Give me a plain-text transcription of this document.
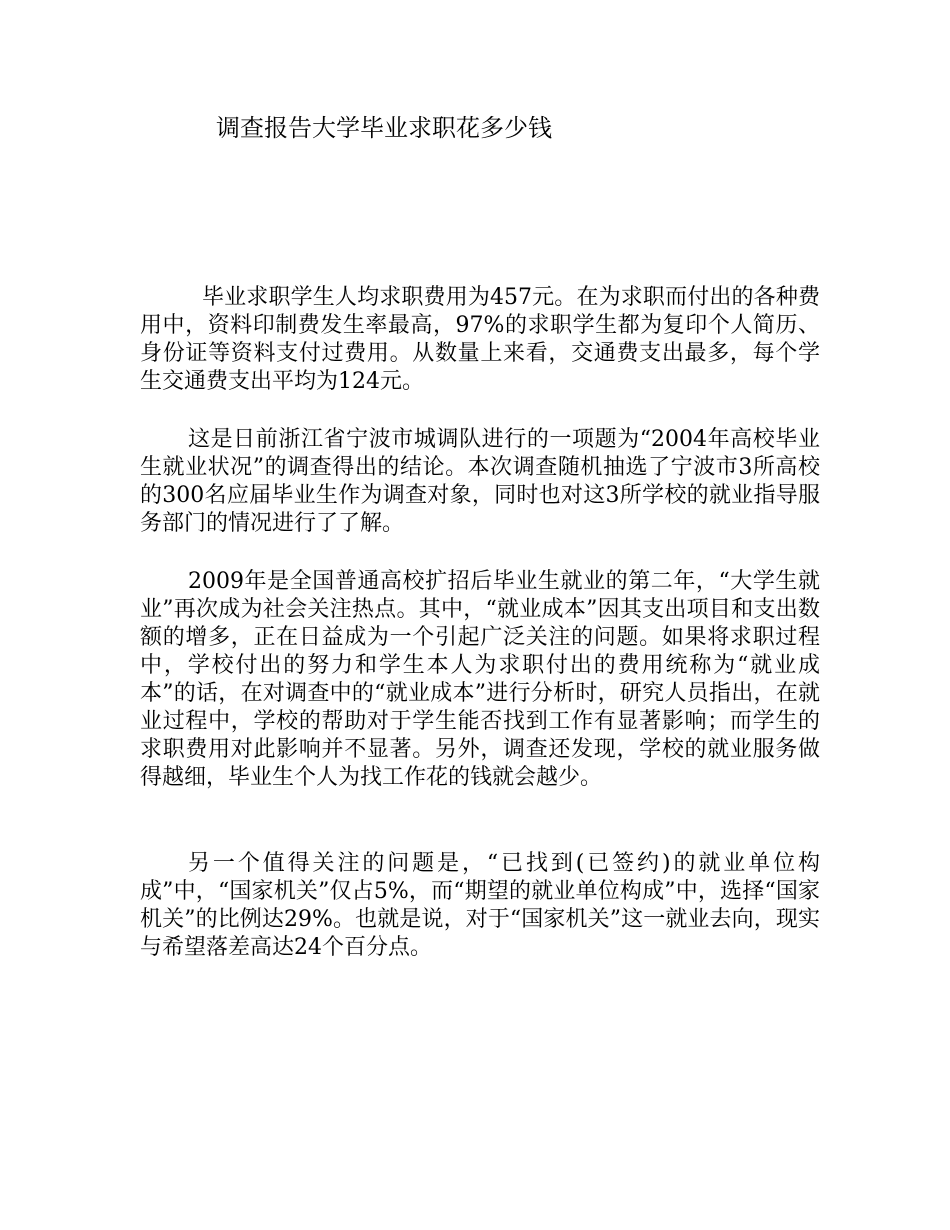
调查报告大学毕业求职花多少钱

毕业求职学生人均求职费用为457元。在为求职而付出的各种费用中，资料印制费发生率最高，97%的求职学生都为复印个人简历、身份证等资料支付过费用。从数量上来看，交通费支出最多，每个学生交通费支出平均为124元。

这是日前浙江省宁波市城调队进行的一项题为“2004年高校毕业生就业状况”的调查得出的结论。本次调查随机抽选了宁波市3所高校的300名应届毕业生作为调查对象，同时也对这3所学校的就业指导服务部门的情况进行了了解。

2009年是全国普通高校扩招后毕业生就业的第二年，“大学生就业”再次成为社会关注热点。其中，“就业成本”因其支出项目和支出数额的增多，正在日益成为一个引起广泛关注的问题。如果将求职过程中，学校付出的努力和学生本人为求职付出的费用统称为“就业成本”的话，在对调查中的“就业成本”进行分析时，研究人员指出，在就业过程中，学校的帮助对于学生能否找到工作有显著影响；而学生的求职费用对此影响并不显著。另外，调查还发现，学校的就业服务做得越细，毕业生个人为找工作花的钱就会越少。

另一个值得关注的问题是，“已找到(已签约)的就业单位构成”中，“国家机关”仅占5%，而“期望的就业单位构成”中，选择“国家机关”的比例达29%。也就是说，对于“国家机关”这一就业去向，现实与希望落差高达24个百分点。
